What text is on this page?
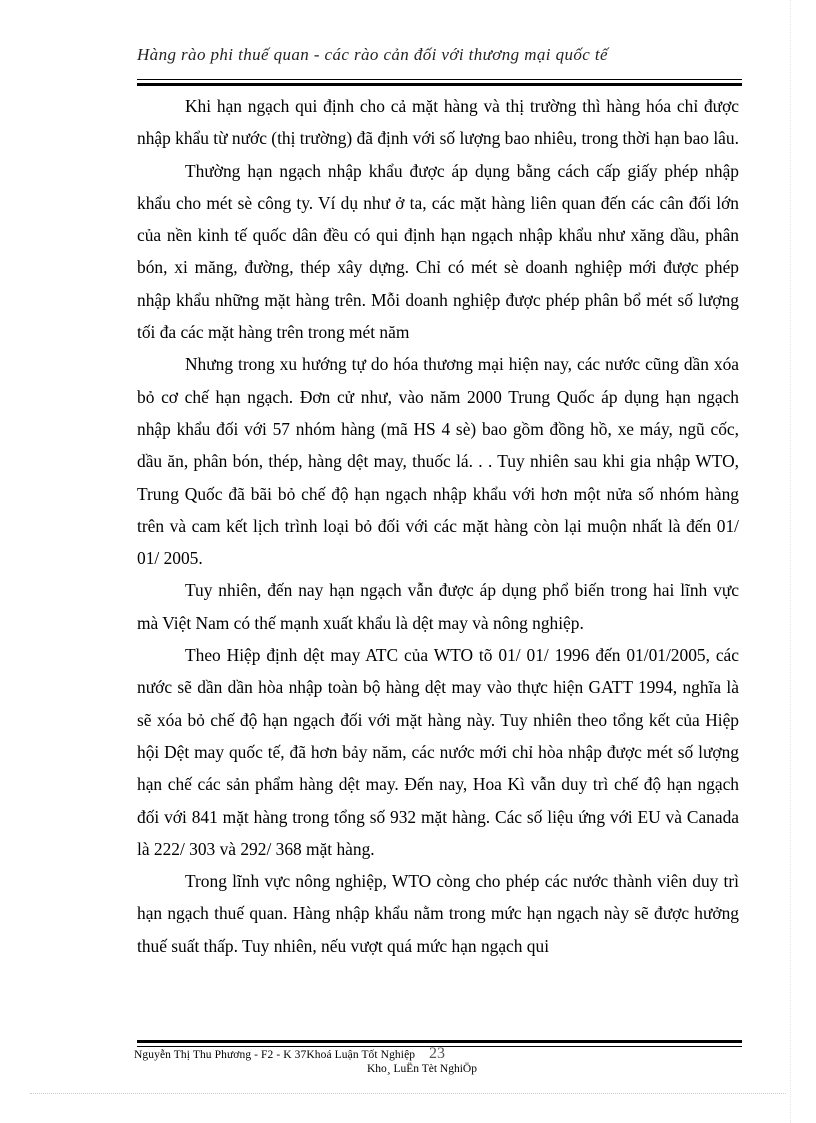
Hàng rào phi thuế quan - các rào cản đối với thương mại quốc tế

Khi hạn ngạch qui định cho cả mặt hàng và thị trường thì hàng hóa chỉ được nhập khẩu từ nước (thị trường) đã định với số lượng bao nhiêu, trong thời hạn bao lâu.

Thường hạn ngạch nhập khẩu được áp dụng bằng cách cấp giấy phép nhập khẩu cho mét sè công ty. Ví dụ như ở ta, các mặt hàng liên quan đến các cân đối lớn của nền kinh tế quốc dân đều có qui định hạn ngạch nhập khẩu như xăng dầu, phân bón, xi măng, đường, thép xây dựng. Chỉ có mét sè doanh nghiệp mới được phép nhập khẩu những mặt hàng trên. Mỗi doanh nghiệp được phép phân bổ mét số lượng tối đa các mặt hàng trên trong mét năm

Nhưng trong xu hướng tự do hóa thương mại hiện nay, các nước cũng dần xóa bỏ cơ chế hạn ngạch. Đơn cử như, vào năm 2000 Trung Quốc áp dụng hạn ngạch nhập khẩu đối với 57 nhóm hàng (mã HS 4 sè) bao gồm đồng hồ, xe máy, ngũ cốc, dầu ăn, phân bón, thép, hàng dệt may, thuốc lá. . . Tuy nhiên sau khi gia nhập WTO, Trung Quốc đã bãi bỏ chế độ hạn ngạch nhập khẩu với hơn một nửa số nhóm hàng trên và cam kết lịch trình loại bỏ đối với các mặt hàng còn lại muộn nhất là đến 01/ 01/ 2005.

Tuy nhiên, đến nay hạn ngạch vẫn được áp dụng phổ biến trong hai lĩnh vực mà Việt Nam có thế mạnh xuất khẩu là dệt may và nông nghiệp.

Theo Hiệp định dệt may ATC của WTO tõ 01/ 01/ 1996 đến 01/01/2005, các nước sẽ dần dần hòa nhập toàn bộ hàng dệt may vào thực hiện GATT 1994, nghĩa là sẽ xóa bỏ chế độ hạn ngạch đối với mặt hàng này. Tuy nhiên theo tổng kết của Hiệp hội Dệt may quốc tế, đã hơn bảy năm, các nước mới chỉ hòa nhập được mét số lượng hạn chế các sản phẩm hàng dệt may. Đến nay, Hoa Kì vẫn duy trì chế độ hạn ngạch đối với 841 mặt hàng trong tổng số 932 mặt hàng. Các số liệu ứng với EU và Canada là 222/ 303 và 292/ 368 mặt hàng.

Trong lĩnh vực nông nghiệp, WTO còng cho phép các nước thành viên duy trì hạn ngạch thuế quan. Hàng nhập khẩu nằm trong mức hạn ngạch này sẽ được hưởng thuế suất thấp. Tuy nhiên, nếu vượt quá mức hạn ngạch qui

23
Nguyễn Thị Thu Phương - F2 - K 37Khoá Luận Tốt Nghiệp
Kho¸ LuËn Tèt NghiÖp
